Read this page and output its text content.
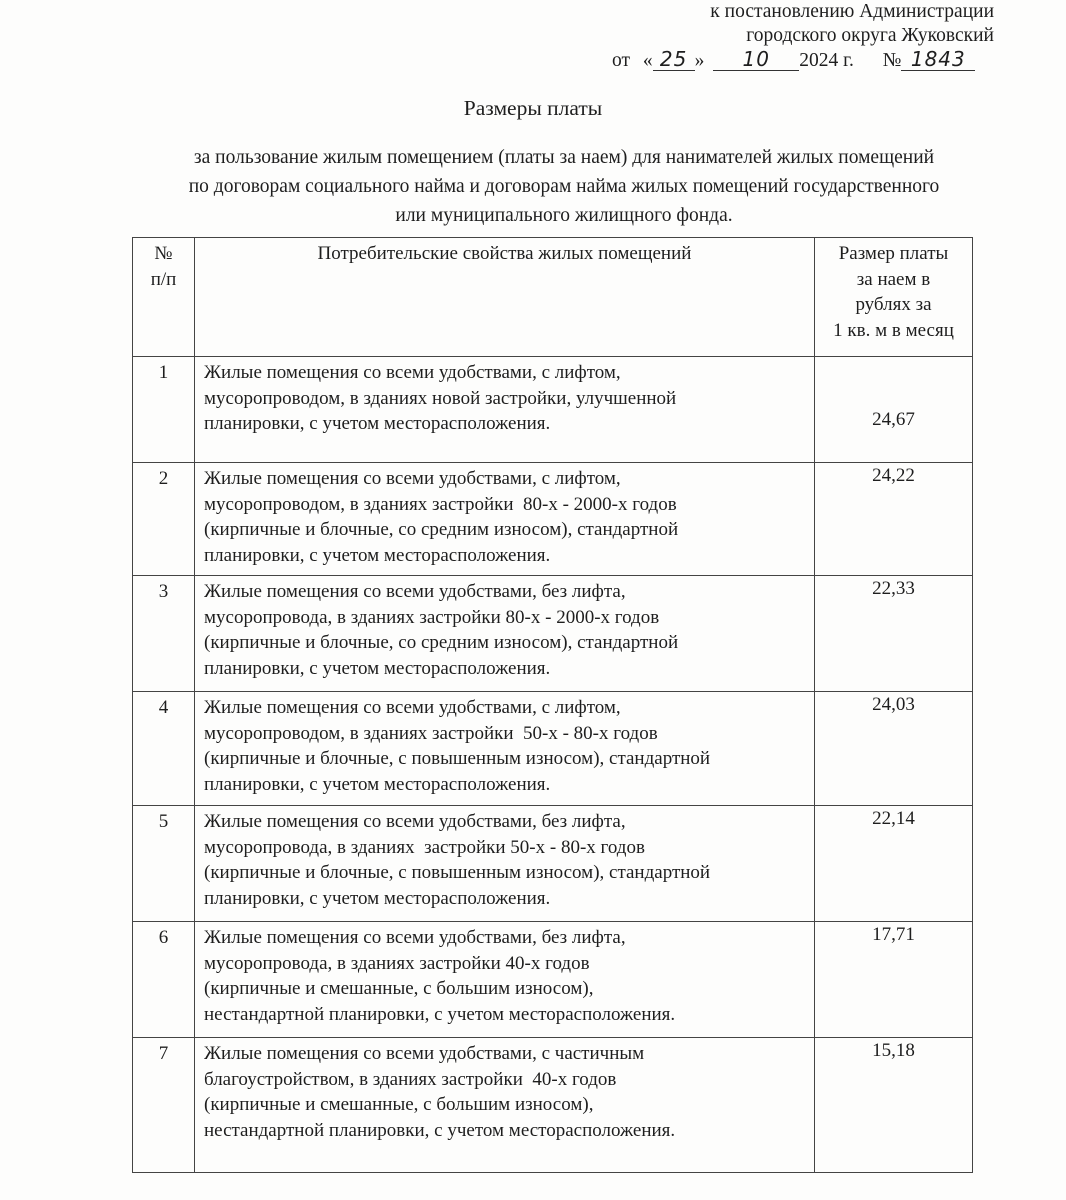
к постановлению Администрации
городского округа Жуковский
от « 25 » 10 2024 г. № 1843
Размеры платы
за пользование жилым помещением (платы за наем) для нанимателей жилых помещений
по договорам социального найма и договорам найма жилых помещений государственного
или муниципального жилищного фонда.
№
п/п
	Потребительские свойства жилых помещений	Размер платы
за наем в
рублях за
1 кв. м в месяц

1	Жилые помещения со всеми удобствами, с лифтом,
мусоропроводом, в зданиях новой застройки, улучшенной
планировки, с учетом месторасположения.	24,67
2	Жилые помещения со всеми удобствами, с лифтом,
мусоропроводом, в зданиях застройки  80-х - 2000-х годов
(кирпичные и блочные, со средним износом), стандартной
планировки, с учетом месторасположения.	24,22
3	Жилые помещения со всеми удобствами, без лифта,
мусоропровода, в зданиях застройки 80-х - 2000-х годов
(кирпичные и блочные, со средним износом), стандартной
планировки, с учетом месторасположения.	22,33
4	Жилые помещения со всеми удобствами, с лифтом,
мусоропроводом, в зданиях застройки  50-х - 80-х годов
(кирпичные и блочные, с повышенным износом), стандартной
планировки, с учетом месторасположения.	24,03
5	Жилые помещения со всеми удобствами, без лифта,
мусоропровода, в зданиях  застройки 50-х - 80-х годов
(кирпичные и блочные, с повышенным износом), стандартной
планировки, с учетом месторасположения.	22,14
6	Жилые помещения со всеми удобствами, без лифта,
мусоропровода, в зданиях застройки 40-х годов
(кирпичные и смешанные, с большим износом),
нестандартной планировки, с учетом месторасположения.	17,71
7	Жилые помещения со всеми удобствами, с частичным
благоустройством, в зданиях застройки  40-х годов
(кирпичные и смешанные, с большим износом),
нестандартной планировки, с учетом месторасположения.	15,18
